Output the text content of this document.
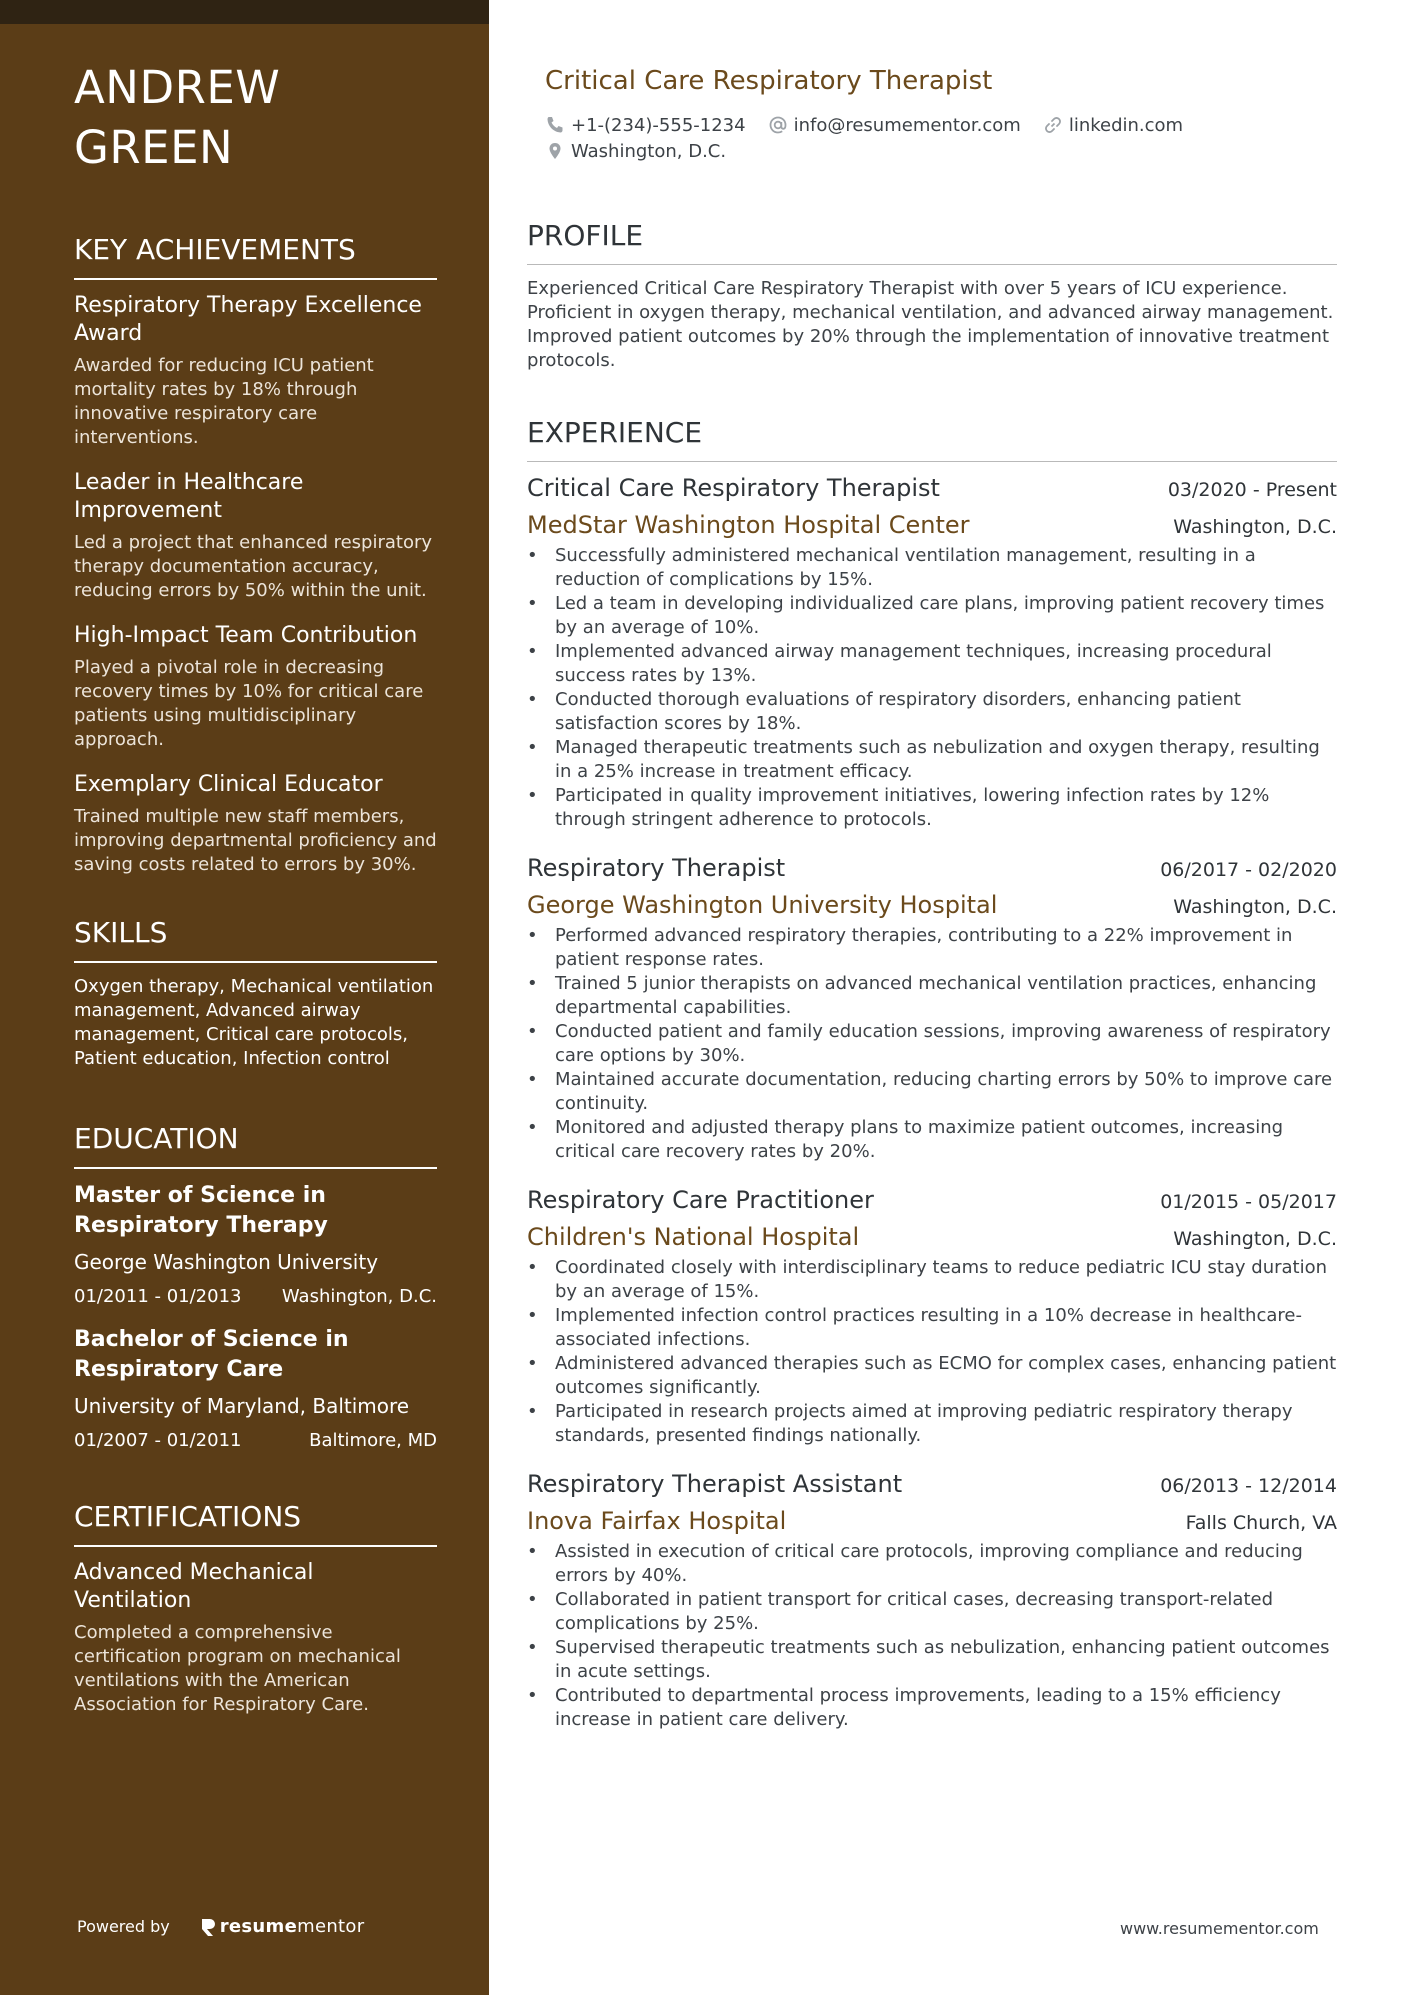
ANDREW GREEN
KEY ACHIEVEMENTS
Respiratory Therapy Excellence Award
Awarded for reducing ICU patient mortality rates by 18% through innovative respiratory care interventions.
Leader in Healthcare Improvement
Led a project that enhanced respiratory therapy documentation accuracy, reducing errors by 50% within the unit.
High-Impact Team Contribution
Played a pivotal role in decreasing recovery times by 10% for critical care patients using multidisciplinary approach.
Exemplary Clinical Educator
Trained multiple new staff members, improving departmental proficiency and saving costs related to errors by 30%.
SKILLS
Oxygen therapy, Mechanical ventilation management, Advanced airway management, Critical care protocols, Patient education, Infection control
EDUCATION
Master of Science in Respiratory Therapy
George Washington University
01/2011 - 01/2013 Washington, D.C.
Bachelor of Science in Respiratory Care
University of Maryland, Baltimore
01/2007 - 01/2011	Baltimore, MD
CERTIFICATIONS
Advanced Mechanical Ventilation
Completed a comprehensive certification program on mechanical ventilations with the American Association for Respiratory Care.
Powered by	resume mentor
Critical Care Respiratory Therapist
+1-(234)-555-1234	info@resumementor.com	linkedin.com
Washington, D.C.
PROFILE
Experienced Critical Care Respiratory Therapist with over 5 years of ICU experience. Proficient in oxygen therapy, mechanical ventilation, and advanced airway management. Improved patient outcomes by 20% through the implementation of innovative treatment protocols.
EXPERIENCE
Critical Care Respiratory Therapist	03/2020 - Present
MedStar Washington Hospital Center	Washington, D.C.
• Successfully administered mechanical ventilation management, resulting in a reduction of complications by 15%.
• Led a team in developing individualized care plans, improving patient recovery times by an average of 10%.
• Implemented advanced airway management techniques, increasing procedural success rates by 13%.
• Conducted thorough evaluations of respiratory disorders, enhancing patient satisfaction scores by 18%.
• Managed therapeutic treatments such as nebulization and oxygen therapy, resulting in a 25% increase in treatment efficacy.
• Participated in quality improvement initiatives, lowering infection rates by 12% through stringent adherence to protocols.
Respiratory Therapist	06/2017 - 02/2020
George Washington University Hospital	Washington, D.C.
• Performed advanced respiratory therapies, contributing to a 22% improvement in patient response rates.
• Trained 5 junior therapists on advanced mechanical ventilation practices, enhancing departmental capabilities.
• Conducted patient and family education sessions, improving awareness of respiratory care options by 30%.
• Maintained accurate documentation, reducing charting errors by 50% to improve care continuity.
• Monitored and adjusted therapy plans to maximize patient outcomes, increasing critical care recovery rates by 20%.
Respiratory Care Practitioner	01/2015 - 05/2017
Children's National Hospital	Washington, D.C.
• Coordinated closely with interdisciplinary teams to reduce pediatric ICU stay duration by an average of 15%.
• Implemented infection control practices resulting in a 10% decrease in healthcare-associated infections.
• Administered advanced therapies such as ECMO for complex cases, enhancing patient outcomes significantly.
• Participated in research projects aimed at improving pediatric respiratory therapy standards, presented findings nationally.
Respiratory Therapist Assistant	06/2013 - 12/2014
Inova Fairfax Hospital	Falls Church, VA
• Assisted in execution of critical care protocols, improving compliance and reducing errors by 40%.
• Collaborated in patient transport for critical cases, decreasing transport-related complications by 25%.
• Supervised therapeutic treatments such as nebulization, enhancing patient outcomes in acute settings.
• Contributed to departmental process improvements, leading to a 15% efficiency increase in patient care delivery.
www.resumementor.com
